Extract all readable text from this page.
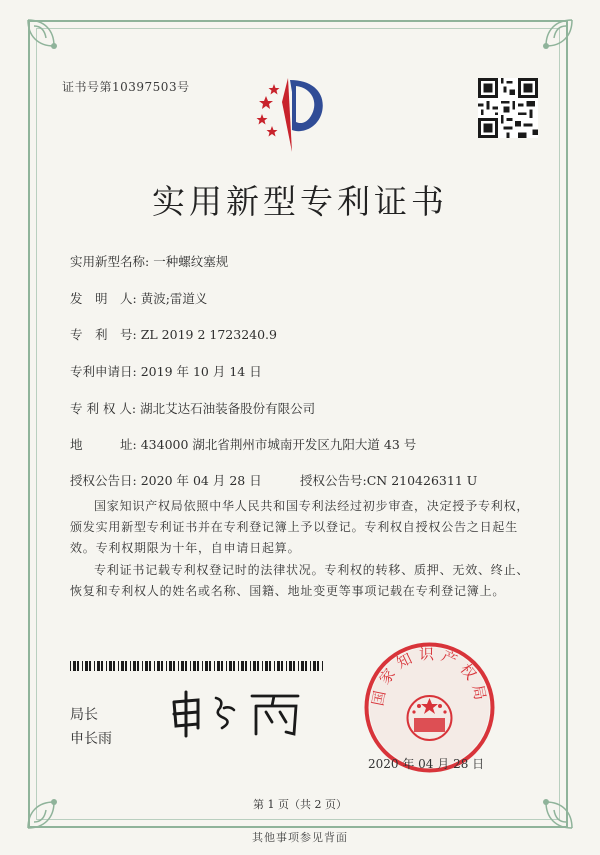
证书号第10397503号
实用新型专利证书
实用新型名称: 一种螺纹塞规
发　明　人: 黄波;雷道义
专　利　号: ZL 2019 2 1723240.9
专利申请日: 2019 年 10 月 14 日
专 利 权 人: 湖北艾达石油装备股份有限公司
地　　　址: 434000 湖北省荆州市城南开发区九阳大道 43 号
授权公告日: 2020 年 04 月 28 日	授权公告号:CN 210426311 U
国家知识产权局依照中华人民共和国专利法经过初步审查，决定授予专利权，颁发实用新型专利证书并在专利登记簿上予以登记。专利权自授权公告之日起生效。专利权期限为十年，自申请日起算。
专利证书记载专利权登记时的法律状况。专利权的转移、质押、无效、终止、恢复和专利权人的姓名或名称、国籍、地址变更等事项记载在专利登记簿上。
局长
申长雨
国家知识产权局
2020 年 04 月 28 日
第 1 页（共 2 页）
其他事项参见背面
